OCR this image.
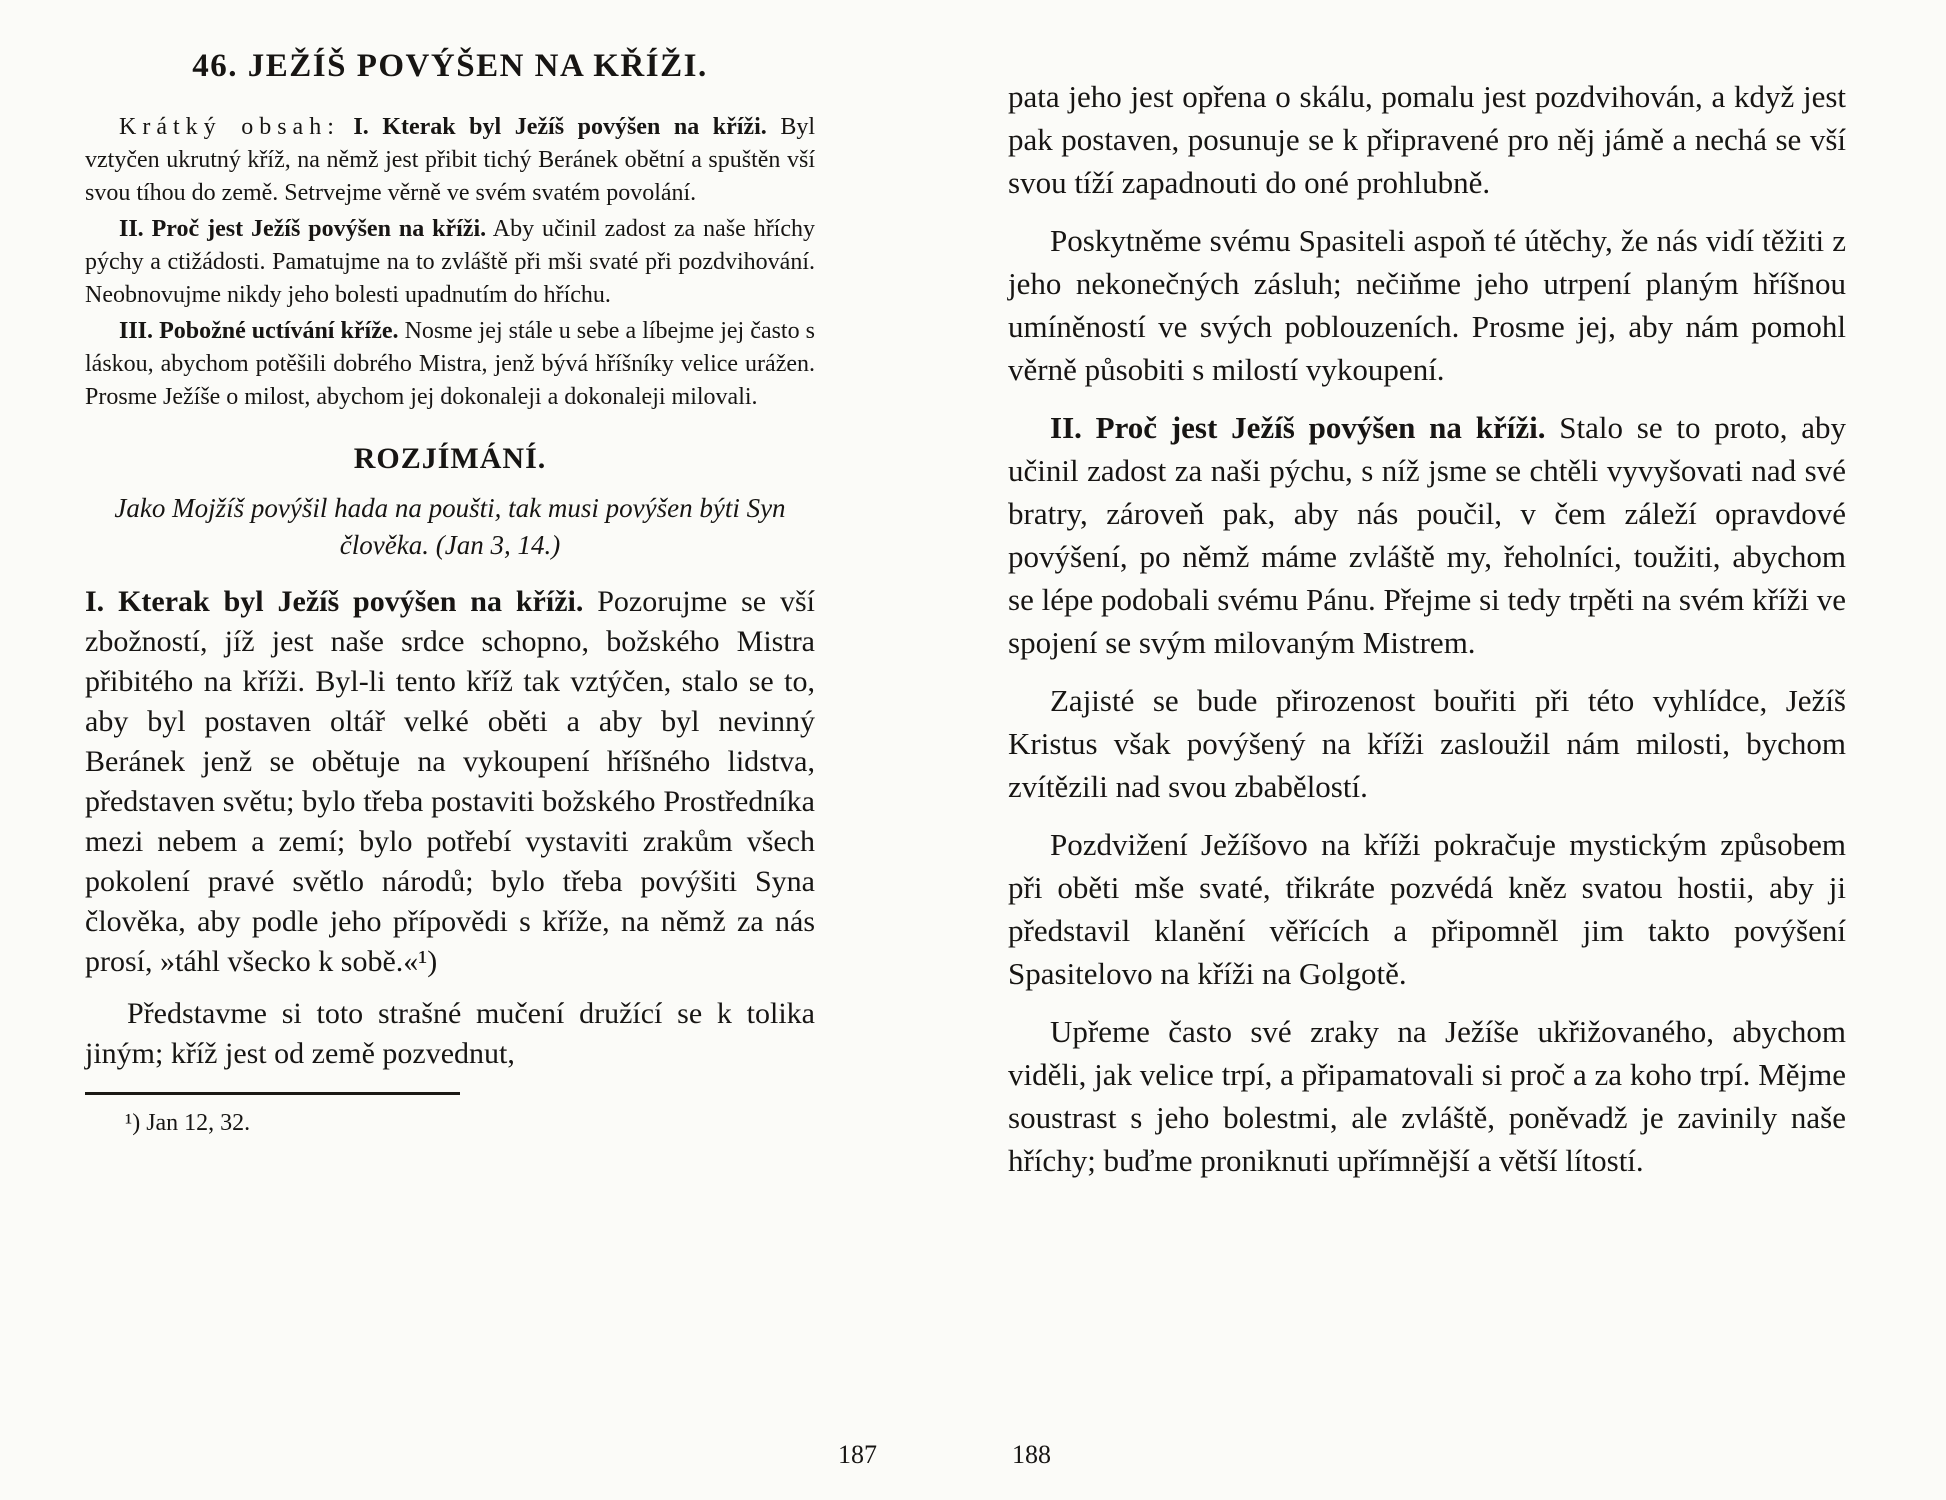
46. JEŽÍŠ POVÝŠEN NA KŘÍŽI.

Krátký obsah: I. Kterak byl Ježíš povýšen na kříži. Byl vztyčen ukrutný kříž, na němž jest přibit tichý Beránek obětní a spuštěn vší svou tíhou do země. Setrvejme věrně ve svém svatém povolání.

II. Proč jest Ježíš povýšen na kříži. Aby učinil zadost za naše hříchy pýchy a ctižádosti. Pamatujme na to zvláště při mši svaté při pozdvihování. Neobnovujme nikdy jeho bolesti upadnutím do hříchu.

III. Pobožné uctívání kříže. Nosme jej stále u sebe a líbejme jej často s láskou, abychom potěšili dobrého Mistra, jenž bývá hříšníky velice urážen. Prosme Ježíše o milost, abychom jej dokonaleji a dokonaleji milovali.

ROZJÍMÁNÍ.

Jako Mojžíš povýšil hada na poušti, tak musi povýšen býti Syn člověka. (Jan 3, 14.)

I. Kterak byl Ježíš povýšen na kříži. Pozorujme se vší zbožností, jíž jest naše srdce schopno, božského Mistra přibitého na kříži. Byl-li tento kříž tak vztýčen, stalo se to, aby byl postaven oltář velké oběti a aby byl nevinný Beránek jenž se obětuje na vykoupení hříšného lidstva, představen světu; bylo třeba postaviti božského Prostředníka mezi nebem a zemí; bylo potřebí vystaviti zrakům všech pokolení pravé světlo národů; bylo třeba povýšiti Syna člověka, aby podle jeho přípovědi s kříže, na němž za nás prosí, »táhl všecko k sobě.«¹)

Představme si toto strašné mučení družící se k tolika jiným; kříž jest od země pozvednut,

¹) Jan 12, 32.

pata jeho jest opřena o skálu, pomalu jest pozdvihován, a když jest pak postaven, posunuje se k připravené pro něj jámě a nechá se vší svou tíží zapadnouti do oné prohlubně.

Poskytněme svému Spasiteli aspoň té útěchy, že nás vidí těžiti z jeho nekonečných zásluh; nečiňme jeho utrpení planým hříšnou umíněností ve svých poblouzeních. Prosme jej, aby nám pomohl věrně působiti s milostí vykoupení.

II. Proč jest Ježíš povýšen na kříži. Stalo se to proto, aby učinil zadost za naši pýchu, s níž jsme se chtěli vyvyšovati nad své bratry, zároveň pak, aby nás poučil, v čem záleží opravdové povýšení, po němž máme zvláště my, řeholníci, toužiti, abychom se lépe podobali svému Pánu. Přejme si tedy trpěti na svém kříži ve spojení se svým milovaným Mistrem.

Zajisté se bude přirozenost bouřiti při této vyhlídce, Ježíš Kristus však povýšený na kříži zasloužil nám milosti, bychom zvítězili nad svou zbabělostí.

Pozdvižení Ježíšovo na kříži pokračuje mystickým způsobem při oběti mše svaté, třikráte pozvédá kněz svatou hostii, aby ji představil klanění věřících a připomněl jim takto povýšení Spasitelovo na kříži na Golgotě.

Upřeme často své zraky na Ježíše ukřižovaného, abychom viděli, jak velice trpí, a připamatovali si proč a za koho trpí. Mějme soustrast s jeho bolestmi, ale zvláště, poněvadž je zavinily naše hříchy; buďme proniknuti upřímnější a větší lítostí.

187	188
